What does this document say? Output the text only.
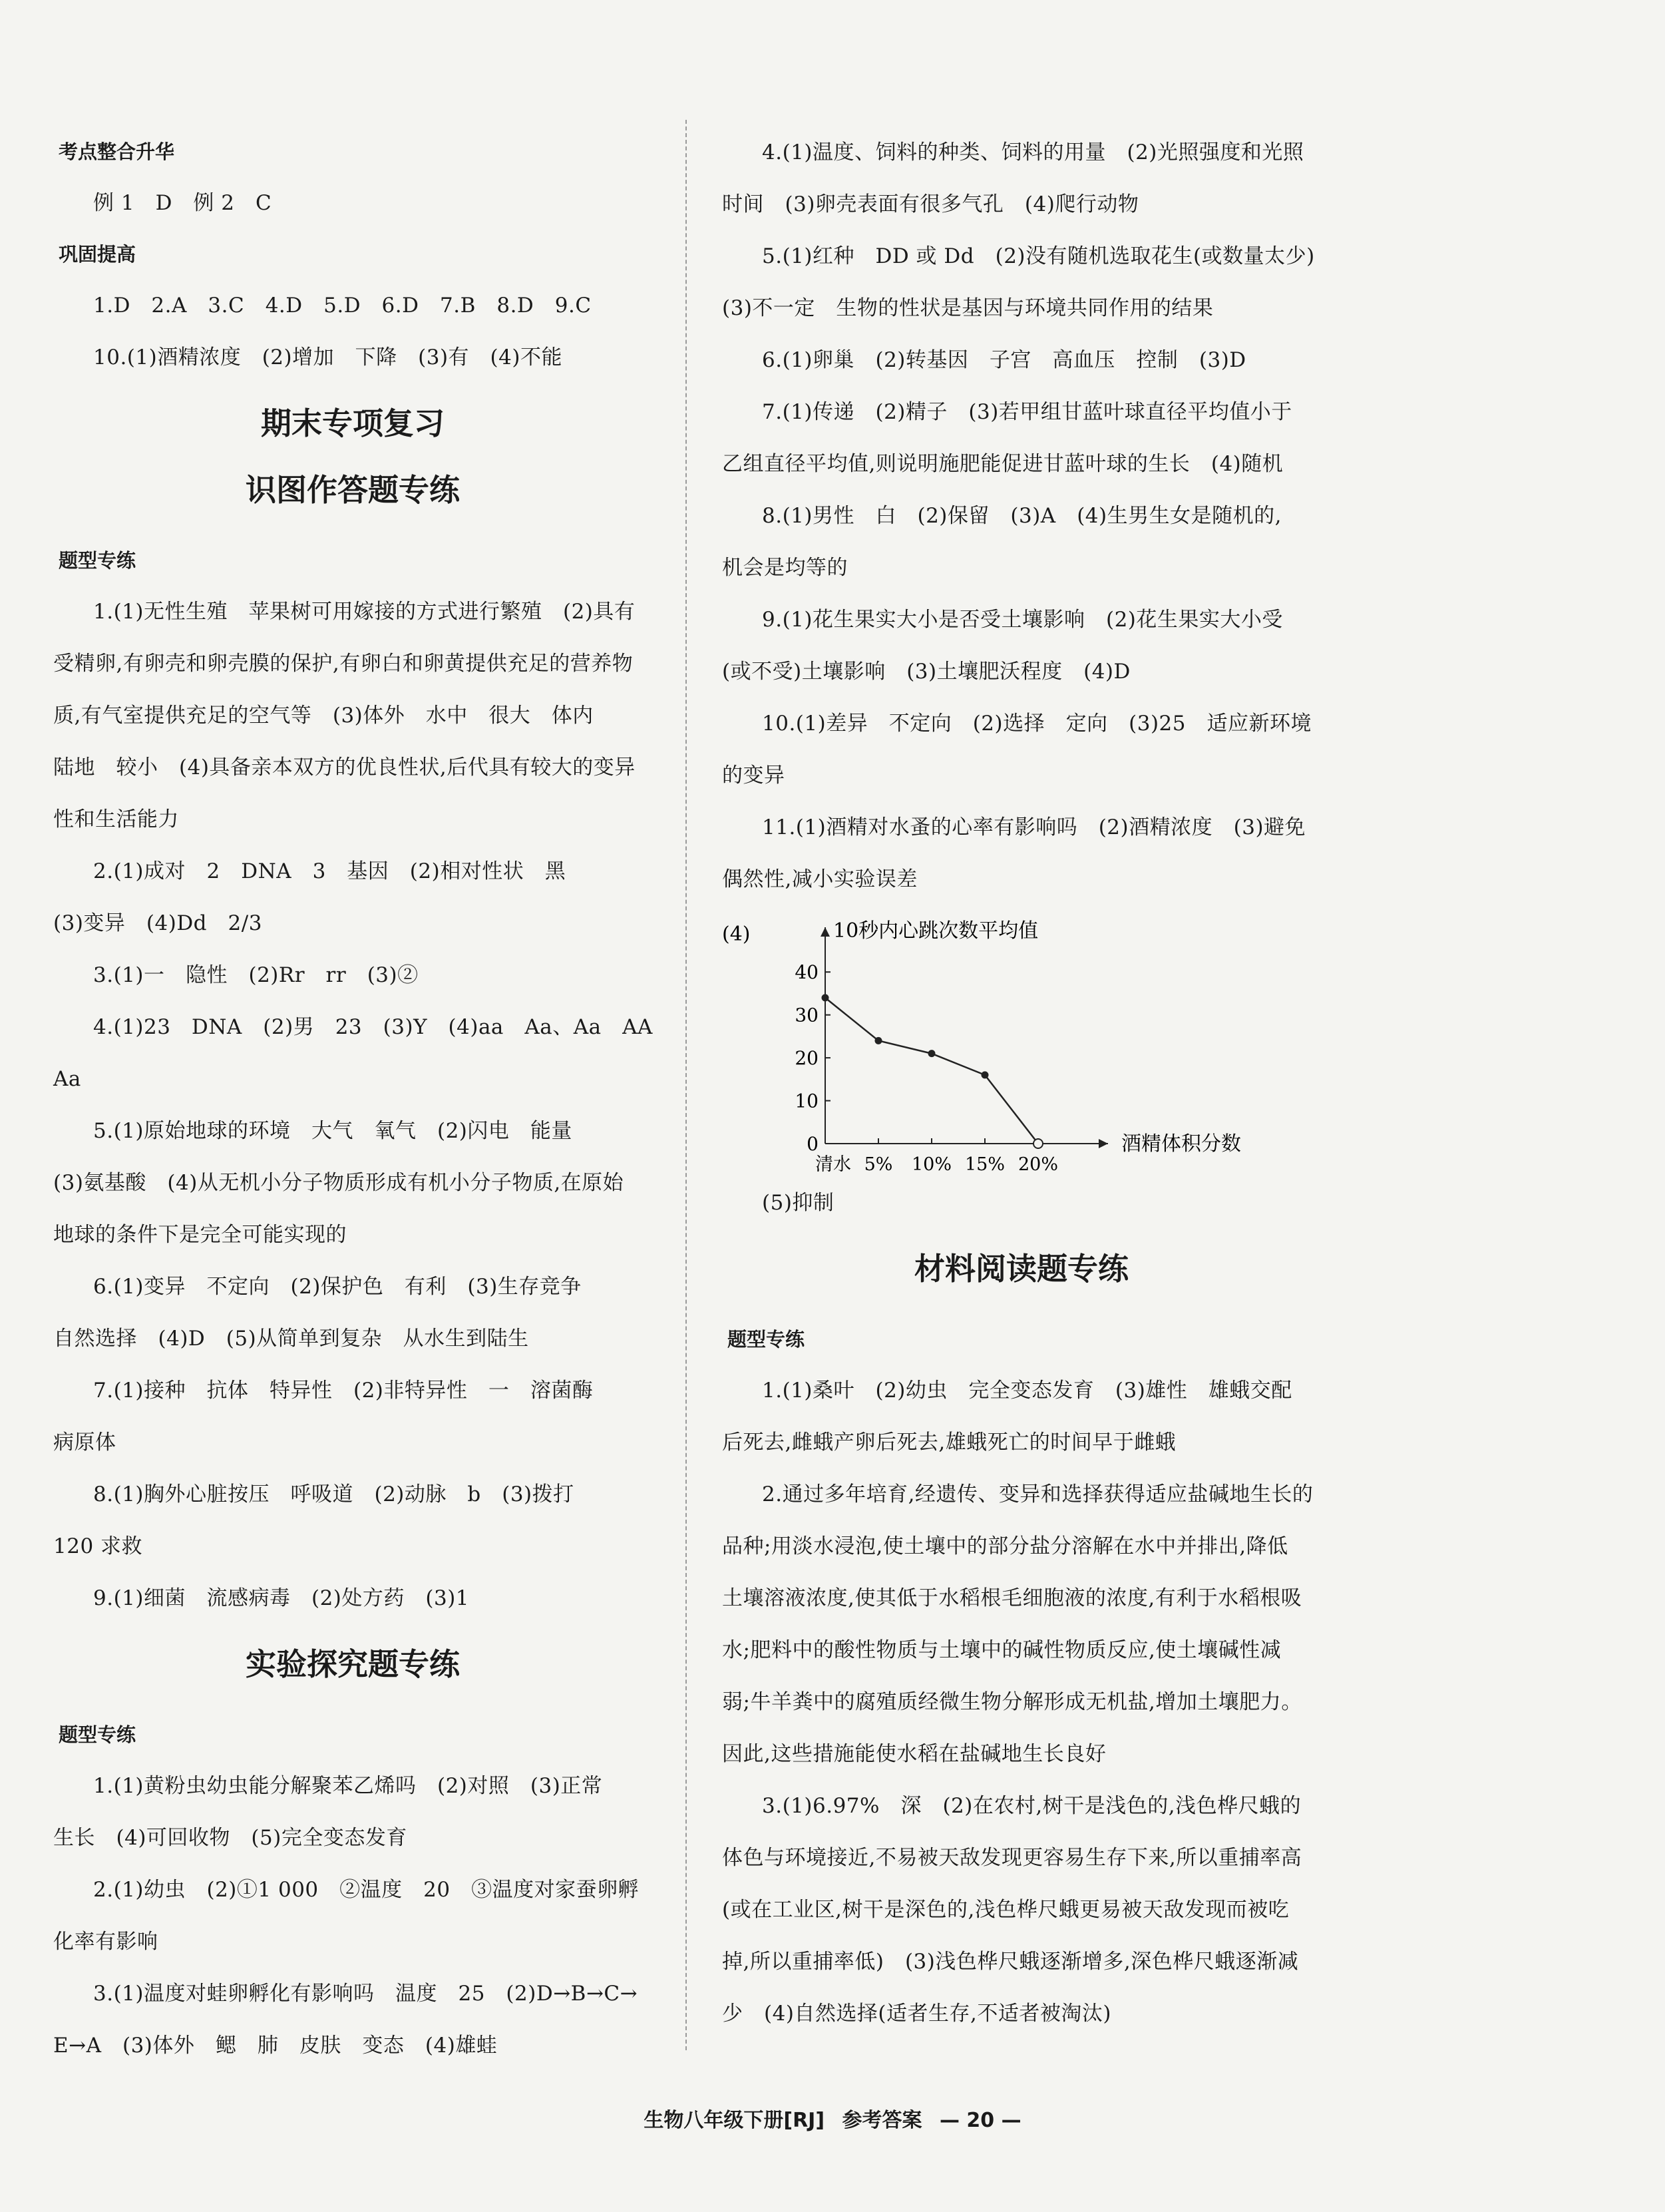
考点整合升华
例 1　D　例 2　C
巩固提高
1.D　2.A　3.C　4.D　5.D　6.D　7.B　8.D　9.C
10.(1)酒精浓度　(2)增加　下降　(3)有　(4)不能
期末专项复习
识图作答题专练
题型专练
1.(1)无性生殖　苹果树可用嫁接的方式进行繁殖　(2)具有
受精卵,有卵壳和卵壳膜的保护,有卵白和卵黄提供充足的营养物
质,有气室提供充足的空气等　(3)体外　水中　很大　体内
陆地　较小　(4)具备亲本双方的优良性状,后代具有较大的变异
性和生活能力
2.(1)成对　2　DNA　3　基因　(2)相对性状　黑
(3)变异　(4)Dd　2/3
3.(1)一　隐性　(2)Rr　rr　(3)②
4.(1)23　DNA　(2)男　23　(3)Y　(4)aa　Aa、Aa　AA
Aa
5.(1)原始地球的环境　大气　氧气　(2)闪电　能量
(3)氨基酸　(4)从无机小分子物质形成有机小分子物质,在原始
地球的条件下是完全可能实现的
6.(1)变异　不定向　(2)保护色　有利　(3)生存竞争
自然选择　(4)D　(5)从简单到复杂　从水生到陆生
7.(1)接种　抗体　特异性　(2)非特异性　一　溶菌酶
病原体
8.(1)胸外心脏按压　呼吸道　(2)动脉　b　(3)拨打
120 求救
9.(1)细菌　流感病毒　(2)处方药　(3)1
实验探究题专练
题型专练
1.(1)黄粉虫幼虫能分解聚苯乙烯吗　(2)对照　(3)正常
生长　(4)可回收物　(5)完全变态发育
2.(1)幼虫　(2)①1 000　②温度　20　③温度对家蚕卵孵
化率有影响
3.(1)温度对蛙卵孵化有影响吗　温度　25　(2)D→B→C→
E→A　(3)体外　鳃　肺　皮肤　变态　(4)雄蛙
4.(1)温度、饲料的种类、饲料的用量　(2)光照强度和光照
时间　(3)卵壳表面有很多气孔　(4)爬行动物
5.(1)红种　DD 或 Dd　(2)没有随机选取花生(或数量太少)
(3)不一定　生物的性状是基因与环境共同作用的结果
6.(1)卵巢　(2)转基因　子宫　高血压　控制　(3)D
7.(1)传递　(2)精子　(3)若甲组甘蓝叶球直径平均值小于
乙组直径平均值,则说明施肥能促进甘蓝叶球的生长　(4)随机
8.(1)男性　白　(2)保留　(3)A　(4)生男生女是随机的,
机会是均等的
9.(1)花生果实大小是否受土壤影响　(2)花生果实大小受
(或不受)土壤影响　(3)土壤肥沃程度　(4)D
10.(1)差异　不定向　(2)选择　定向　(3)25　适应新环境
的变异
11.(1)酒精对水蚤的心率有影响吗　(2)酒精浓度　(3)避免
偶然性,减小实验误差
(4)	10秒内心跳次数平均值
酒精体积分数
0
10
20
30
40
清水 5% 10% 15% 20%
(5)抑制
材料阅读题专练
题型专练
1.(1)桑叶　(2)幼虫　完全变态发育　(3)雄性　雄蛾交配
后死去,雌蛾产卵后死去,雄蛾死亡的时间早于雌蛾
2.通过多年培育,经遗传、变异和选择获得适应盐碱地生长的
品种;用淡水浸泡,使土壤中的部分盐分溶解在水中并排出,降低
土壤溶液浓度,使其低于水稻根毛细胞液的浓度,有利于水稻根吸
水;肥料中的酸性物质与土壤中的碱性物质反应,使土壤碱性减
弱;牛羊粪中的腐殖质经微生物分解形成无机盐,增加土壤肥力。
因此,这些措施能使水稻在盐碱地生长良好
3.(1)6.97%　深　(2)在农村,树干是浅色的,浅色桦尺蛾的
体色与环境接近,不易被天敌发现更容易生存下来,所以重捕率高
(或在工业区,树干是深色的,浅色桦尺蛾更易被天敌发现而被吃
掉,所以重捕率低)　(3)浅色桦尺蛾逐渐增多,深色桦尺蛾逐渐减
少　(4)自然选择(适者生存,不适者被淘汰)
生物八年级下册[RJ] 参考答案 — 20 —
